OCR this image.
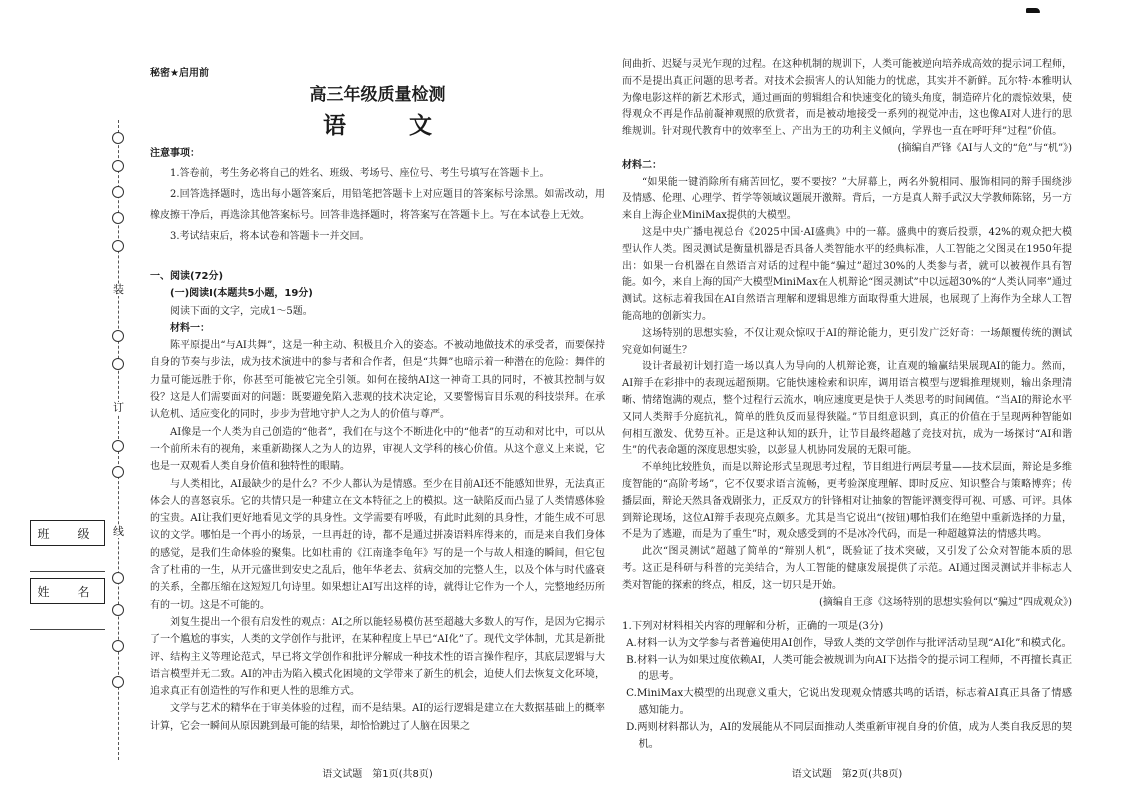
装
订
线
班　级
姓　名
秘密★启用前
高三年级质量检测
语　文

注意事项：

1.答卷前，考生务必将自己的姓名、班级、考场号、座位号、考生号填写在答题卡上。

2.回答选择题时，选出每小题答案后，用铅笔把答题卡上对应题目的答案标号涂黑。如需改动，用橡皮擦干净后，再选涂其他答案标号。回答非选择题时，将答案写在答题卡上。写在本试卷上无效。

3.考试结束后，将本试卷和答题卡一并交回。

一、阅读(72分)

(一)阅读Ⅰ(本题共5小题，19分)

阅读下面的文字，完成1～5题。

材料一：

陈平原提出“与AI共舞”，这是一种主动、积极且介入的姿态。不被动地做技术的承受者，而要保持自身的节奏与步法，成为技术演进中的参与者和合作者，但是“共舞”也暗示着一种潜在的危险：舞伴的力量可能远胜于你，你甚至可能被它完全引领。如何在接纳AI这一神奇工具的同时，不被其控制与奴役？这是人们需要面对的问题：既要避免陷入悲观的技术决定论，又要警惕盲目乐观的科技崇拜。在承认危机、适应变化的同时，步步为营地守护人之为人的价值与尊严。

AI像是一个人类为自己创造的“他者”，我们在与这个不断进化中的“他者”的互动和对比中，可以从一个前所未有的视角，来重新勘探人之为人的边界，审视人文学科的核心价值。从这个意义上来说，它也是一双观看人类自身价值和独特性的眼睛。

与人类相比，AI最缺少的是什么？不少人都认为是情感。至少在目前AI还不能感知世界，无法真正体会人的喜怒哀乐。它的共情只是一种建立在文本特征之上的模拟。这一缺陷反而凸显了人类情感体验的宝贵。AI让我们更好地看见文学的具身性。文学需要有呼吸，有此时此刻的具身性，才能生成不可思议的文学。哪怕是一个再小的场景，一旦再赶的诗，都不是通过拼凑语料库得来的，而是来自我们身体的感觉，是我们生命体验的聚集。比如杜甫的《江南逢李龟年》写的是一个与故人相逢的瞬间，但它包含了杜甫的一生，从开元盛世到安史之乱后，他年华老去、贫病交加的完整人生，以及个体与时代盛衰的关系，全都压缩在这短短几句诗里。如果想让AI写出这样的诗，就得让它作为一个人，完整地经历所有的一切。这是不可能的。

刘复生提出一个很有启发性的观点：AI之所以能轻易模仿甚至超越大多数人的写作，是因为它揭示了一个尴尬的事实，人类的文学创作与批评，在某种程度上早已“AI化”了。现代文学体制，尤其是新批评、结构主义等理论范式，早已将文学创作和批评分解成一种技术性的语言操作程序，其底层逻辑与大语言模型并无二致。AI的冲击为陷入模式化困境的文学带来了新生的机会，迫使人们去恢复文化环境，追求真正有创造性的写作和更人性的思维方式。

文学与艺术的精华在于审美体验的过程，而不是结果。AI的运行逻辑是建立在大数据基础上的概率计算，它会一瞬间从原因跳到最可能的结果，却恰恰跳过了人脑在因果之

语文试题　第1页(共8页)

间曲折、迟疑与灵光乍现的过程。在这种机制的规训下，人类可能被逆向培养成高效的提示词工程师，而不是提出真正问题的思考者。对技术会损害人的认知能力的忧虑，其实并不新鲜。瓦尔特·本雅明认为像电影这样的新艺术形式，通过画面的剪辑组合和快速变化的镜头角度，制造碎片化的震惊效果，使得观众不再是作品前凝神观照的欣赏者，而是被动地接受一系列的视觉冲击，这也像AI对人进行的思维规训。针对现代教育中的效率至上、产出为王的功利主义倾向，学界也一直在呼吁拜”过程”价值。

(摘编自严锋《AI与人文的“危”与“机”》)

材料二：

“如果能一键消除所有痛苦回忆，要不要按？”大屏幕上，两名外貌相同、服饰相同的辩手围绕涉及情感、伦理、心理学、哲学等领域议题展开激辩。背后，一方是真人辩手武汉大学教师陈铭，另一方来自上海企业MiniMax提供的大模型。

这是中央广播电视总台《2025中国·AI盛典》中的一幕。盛典中的赛后投票，42%的观众把大模型认作人类。图灵测试是衡量机器是否具备人类智能水平的经典标准，人工智能之父图灵在1950年提出：如果一台机器在自然语言对话的过程中能“骗过”超过30%的人类参与者，就可以被视作具有智能。如今，来自上海的国产大模型MiniMax在人机辩论“图灵测试”中以远超30%的“人类认同率”通过测试。这标志着我国在AI自然语言理解和逻辑思维方面取得重大进展，也展现了上海作为全球人工智能高地的创新实力。

这场特别的思想实验，不仅让观众惊叹于AI的辩论能力，更引发广泛好奇：一场颠覆传统的测试究竟如何诞生？

设计者最初计划打造一场以真人为导向的人机辩论赛，让直观的输赢结果展现AI的能力。然而，AI辩手在彩排中的表现远超预期。它能快速检索和识库，调用语言模型与逻辑推理规则，输出条理清晰、情绪饱满的观点，整个过程行云流水，响应速度更是快于人类思考的时间阈值。“当AI的辩论水平又同人类辩手分庭抗礼，简单的胜负反而显得狭隘。”节目组意识到，真正的价值在于呈现两种智能如何相互激发、优势互补。正是这种认知的跃升，让节目最终超越了竞技对抗，成为一场探讨“AI和谐生”的代表命题的深度思想实验，以彭显人机协同发展的无限可能。

不单纯比较胜负，而是以辩论形式呈现思考过程，节目组进行两层考量——技术层面，辩论是多维度智能的“高阶考场”，它不仅要求语言流畅，更考验深度理解、即时反应、知识整合与策略博弈；传播层面，辩论天然具备戏剧张力，正反双方的针锋相对让抽象的智能评测变得可视、可感、可评。具体到辩论现场，这位AI辩手表现亮点颇多。尤其是当它说出“(按钮)哪怕我们在绝望中重新选择的力量，不是为了逃避，而是为了重生”时，观众感受到的不是冰冷代码，而是一种超越算法的情感共鸣。

此次“图灵测试”超越了简单的“辩别人机”，既验证了技术突破，又引发了公众对智能本质的思考。这正是科研与科普的完美结合，为人工智能的健康发展提供了示范。AI通过图灵测试并非标志人类对智能的探索的终点，相反，这一切只是开始。

(摘编自王彦《这场特别的思想实验何以“骗过”四成观众》)

1.下列对材料相关内容的理解和分析，正确的一项是(3分)

A.材料一认为文学参与者普遍使用AI创作，导致人类的文学创作与批评活动呈现“AI化”和模式化。

B.材料一认为如果过度依赖AI，人类可能会被规训为向AI下达指令的提示词工程师，不再擅长真正的思考。

C.MiniMax大模型的出现意义重大，它说出发现观众情感共鸣的话语，标志着AI真正具备了情感感知能力。

D.两则材料都认为，AI的发展能从不同层面推动人类重新审视自身的价值，成为人类自我反思的契机。

语文试题　第2页(共8页)
